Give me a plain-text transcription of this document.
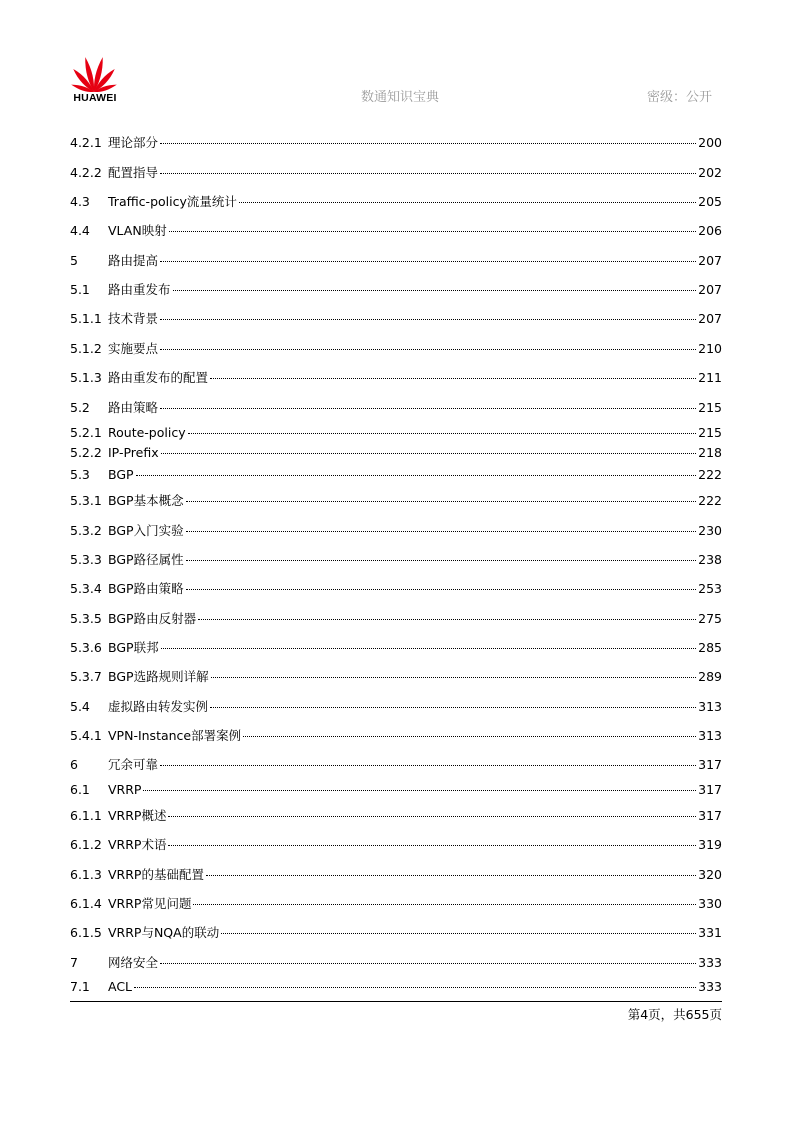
HUAWEI	数通知识宝典	密级：公开
4.2.1 理论部分	200
4.2.2 配置指导	202
4.3	Traffic-policy流量统计	205
4.4	VLAN映射	206
5	路由提高	207
5.1	路由重发布	207
5.1.1 技术背景	207
5.1.2 实施要点	210
5.1.3 路由重发布的配置	211
5.2	路由策略	215
5.2.1 Route-policy	215
5.2.2 IP-Prefix	218
5.3	BGP	222
5.3.1 BGP基本概念	222
5.3.2 BGP入门实验	230
5.3.3 BGP路径属性	238
5.3.4 BGP路由策略	253
5.3.5 BGP路由反射器	275
5.3.6 BGP联邦	285
5.3.7 BGP选路规则详解	289
5.4	虚拟路由转发实例	313
5.4.1 VPN-Instance部署案例	313
6	冗余可靠	317
6.1	VRRP	317
6.1.1 VRRP概述	317
6.1.2 VRRP术语	319
6.1.3 VRRP的基础配置	320
6.1.4 VRRP常见问题	330
6.1.5 VRRP与NQA的联动	331
7	网络安全	333
7.1	ACL	333
第4页，共655页
